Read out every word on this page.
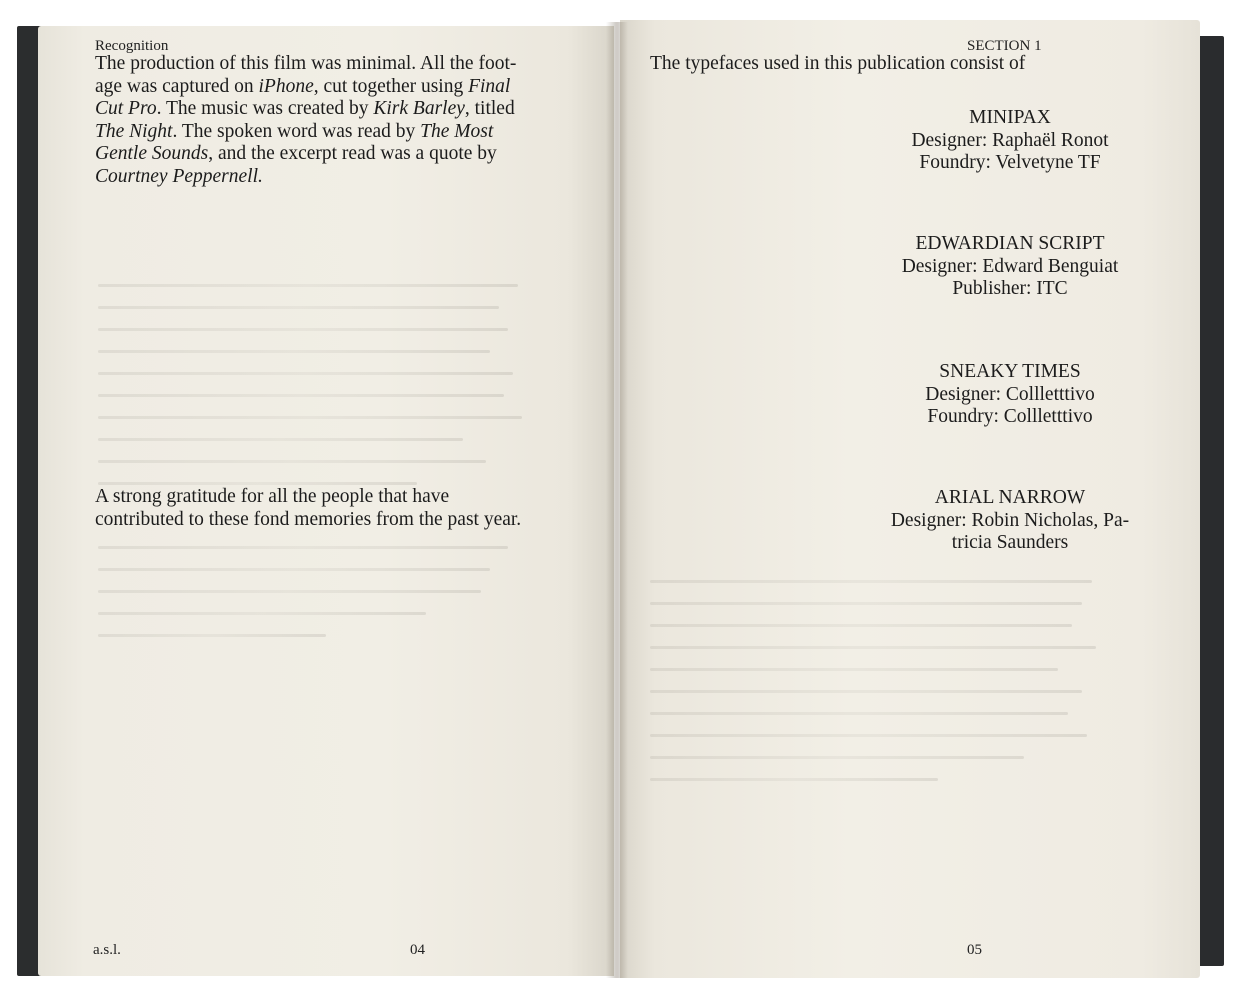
Recognition
The production of this film was minimal. All the foot-
age was captured on iPhone, cut together using Final
Cut Pro. The music was created by Kirk Barley, titled
The Night. The spoken word was read by The Most
Gentle Sounds, and the excerpt read was a quote by
Courtney Peppernell.
A strong gratitude for all the people that have
contributed to these fond memories from the past year.
a.s.l.	04
SECTION 1
The typefaces used in this publication consist of
MINIPAX
Designer: Raphaël Ronot
Foundry: Velvetyne TF
EDWARDIAN SCRIPT
Designer: Edward Benguiat
Publisher: ITC
SNEAKY TIMES
Designer: Collletttivo
Foundry: Collletttivo
ARIAL NARROW
Designer: Robin Nicholas, Pa-
tricia Saunders
05
